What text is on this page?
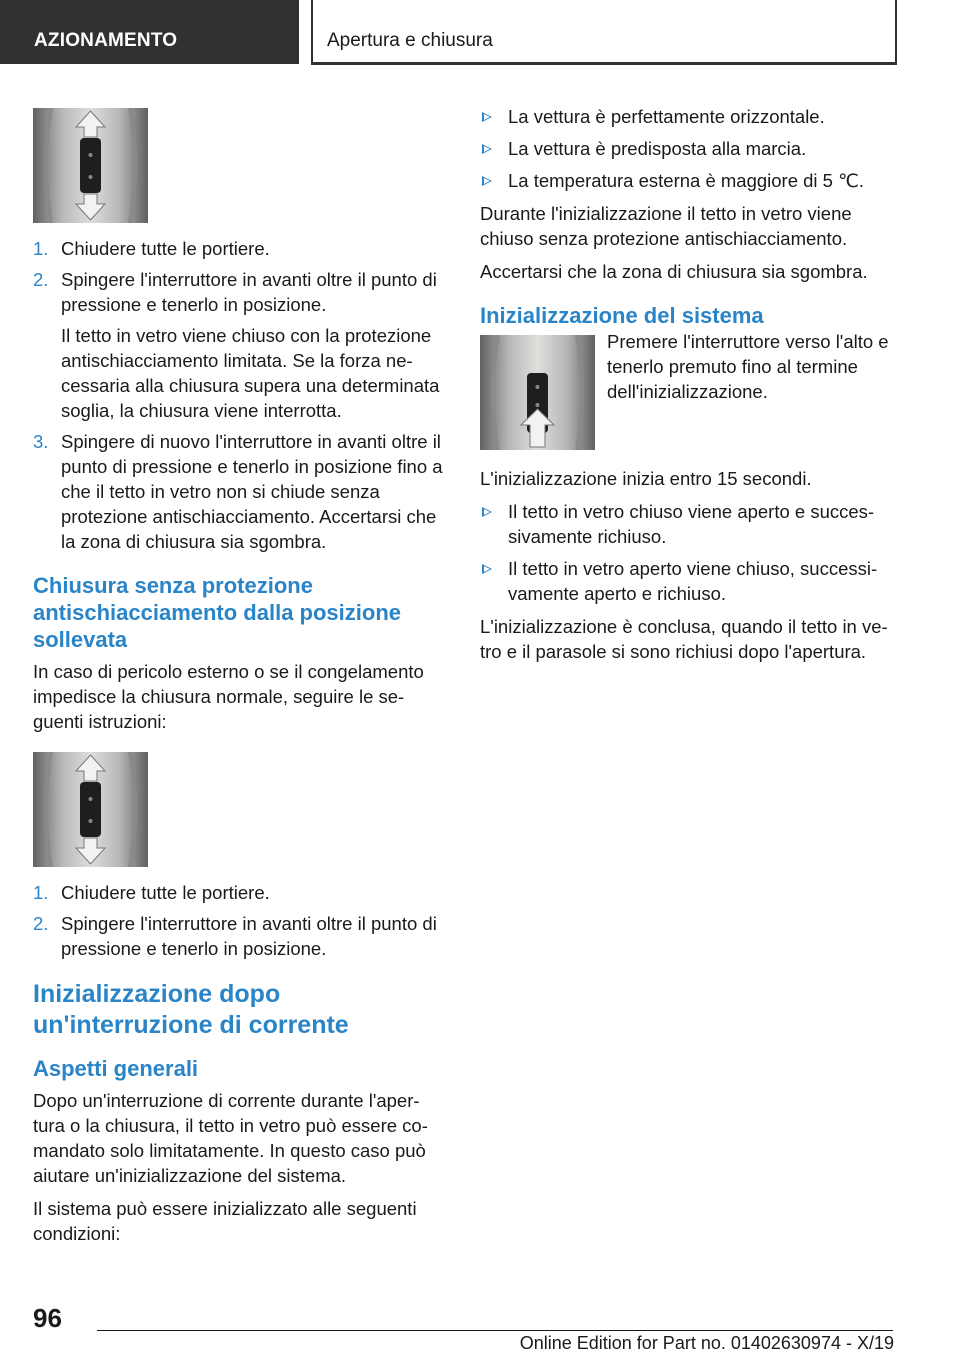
AZIONAMENTO	Apertura e chiusura
1. Chiudere tutte le portiere.
2. Spingere l'interruttore in avanti oltre il punto di pressione e tenerlo in posizione.
Il tetto in vetro viene chiuso con la protezione antischiacciamento limitata. Se la forza ne-cessaria alla chiusura supera una determinata soglia, la chiusura viene interrotta.
3. Spingere di nuovo l'interruttore in avanti oltre il punto di pressione e tenerlo in posizione fino a che il tetto in vetro non si chiude senza protezione antischiacciamento. Accertarsi che la zona di chiusura sia sgombra.
Chiusura senza protezione antischiacciamento dalla posizione sollevata

In caso di pericolo esterno o se il congelamento impedisce la chiusura normale, seguire le se-guenti istruzioni:

1. Chiudere tutte le portiere.
2. Spingere l'interruttore in avanti oltre il punto di pressione e tenerlo in posizione.
Inizializzazione dopo un'interruzione di corrente
Aspetti generali

Dopo un'interruzione di corrente durante l'aper-tura o la chiusura, il tetto in vetro può essere co-mandato solo limitatamente. In questo caso può aiutare un'inizializzazione del sistema.

Il sistema può essere inizializzato alle seguenti condizioni:

La vettura è perfettamente orizzontale.
La vettura è predisposta alla marcia.
La temperatura esterna è maggiore di 5 ℃.

Durante l'inizializzazione il tetto in vetro viene chiuso senza protezione antischiacciamento.

Accertarsi che la zona di chiusura sia sgombra.

Inizializzazione del sistema

Premere l'interruttore verso l'alto e tenerlo premuto fino al termine dell'inizializzazione.

L'inizializzazione inizia entro 15 secondi.

Il tetto in vetro chiuso viene aperto e succes-sivamente richiuso.
Il tetto in vetro aperto viene chiuso, successi-vamente aperto e richiuso.

L'inizializzazione è conclusa, quando il tetto in ve-tro e il parasole si sono richiusi dopo l'apertura.

96
Online Edition for Part no. 01402630974 - X/19
